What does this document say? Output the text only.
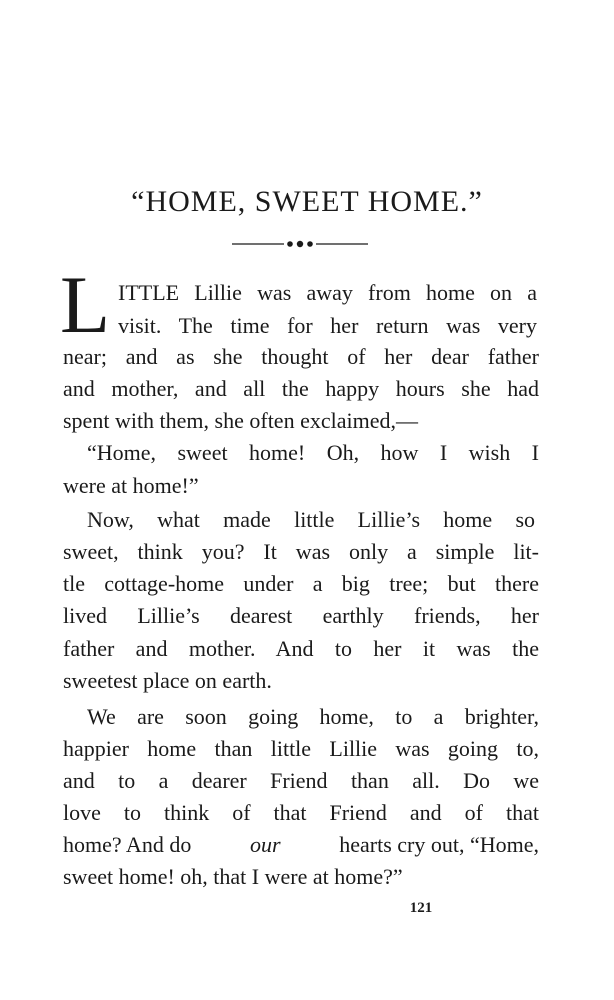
“HOME, SWEET HOME.”
L ITTLE Lillie was away from home on a
visit. The time for her return was very
near; and as she thought of her dear father
and mother, and all the happy hours she had
spent with them, she often exclaimed,—
“Home, sweet home! Oh, how I wish I
were at home!”
Now, what made little Lillie’s home so
sweet, think you? It was only a simple lit-
tle cottage-home under a big tree; but there
lived Lillie’s dearest earthly friends, her
father and mother. And to her it was the
sweetest place on earth.
We are soon going home, to a brighter,
happier home than little Lillie was going to,
and to a dearer Friend than all. Do we
love to think of that Friend and of that
home? And do	our	hearts cry out, “Home,
sweet home! oh, that I were at home?”
121
